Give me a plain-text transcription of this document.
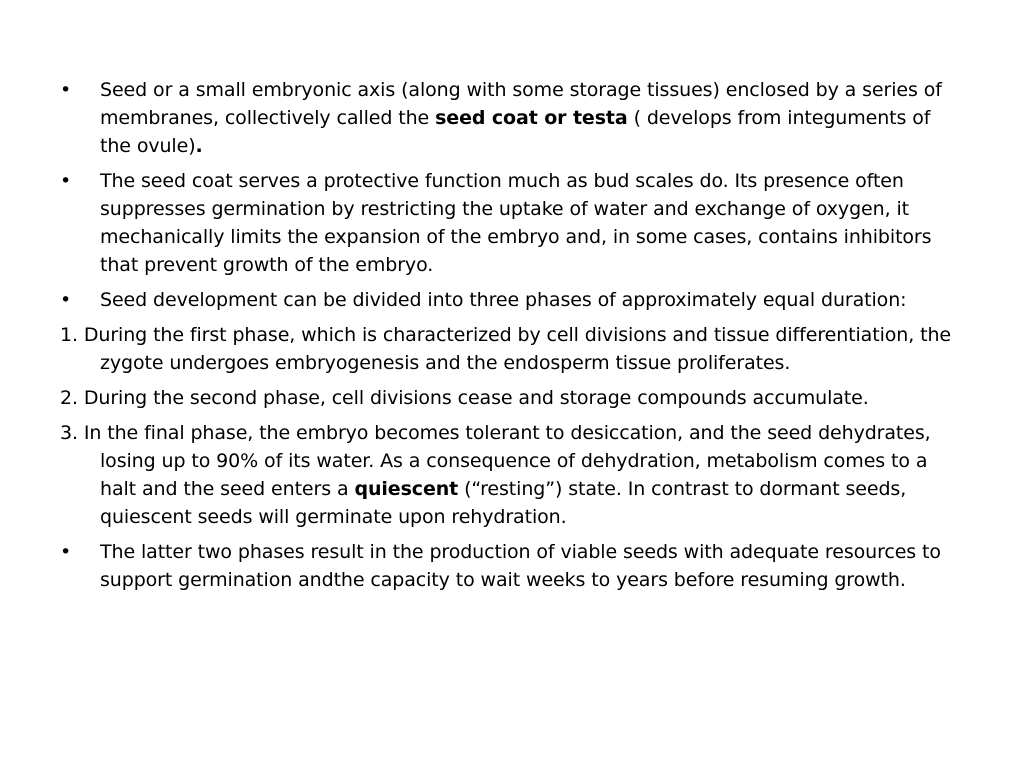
•	Seed or a small embryonic axis (along with some storage tissues) enclosed by a series of membranes, collectively called the seed coat or testa ( develops from integuments of the ovule).
•	The seed coat serves a protective function much as bud scales do. Its presence often suppresses germination by restricting the uptake of water and exchange of oxygen, it mechanically limits the expansion of the embryo and, in some cases, contains inhibitors that prevent growth of the embryo.
•	Seed development can be divided into three phases of approximately equal duration:
1. During the first phase, which is characterized by cell divisions and tissue differentiation, the zygote undergoes embryogenesis and the endosperm tissue proliferates.
2. During the second phase, cell divisions cease and storage compounds accumulate.
3. In the final phase, the embryo becomes tolerant to desiccation, and the seed dehydrates, losing up to 90% of its water. As a consequence of dehydration, metabolism comes to a halt and the seed enters a quiescent (“resting”) state. In contrast to dormant seeds, quiescent seeds will germinate upon rehydration.
•	The latter two phases result in the production of viable seeds with adequate resources to support germination andthe capacity to wait weeks to years before resuming growth.
